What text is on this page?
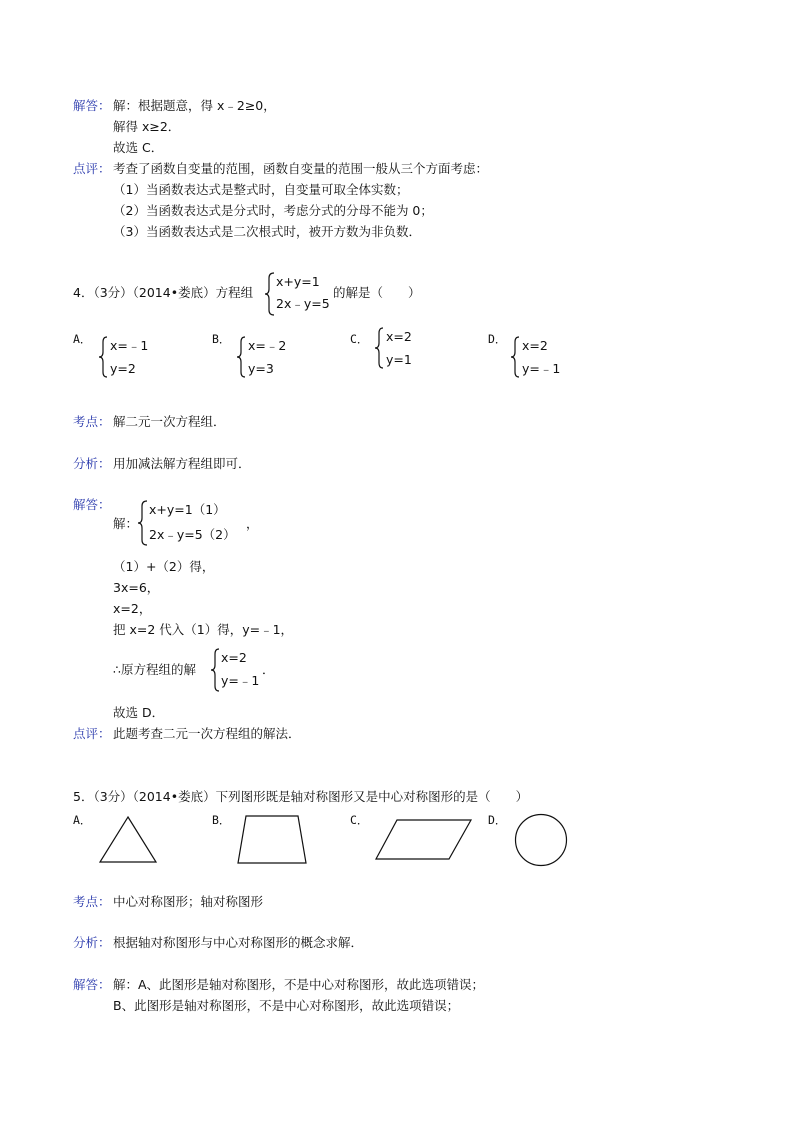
解答： 解：根据题意，得 x﹣2≥0，
解得 x≥2．
故选 C．
点评： 考查了函数自变量的范围，函数自变量的范围一般从三个方面考虑：
（1）当函数表达式是整式时，自变量可取全体实数；
（2）当函数表达式是分式时，考虑分式的分母不能为 0；
（3）当函数表达式是二次根式时，被开方数为非负数．
4．（3分）（2014•娄底）方程组
x+y=1
2x﹣y=5
的解是（　　）
A． x=﹣1
y=2
B． x=﹣2
y=3
C． x=2
y=1
D． x=2
y=﹣1
考点： 解二元一次方程组．
分析： 用加减法解方程组即可．
解答：
解：
x+y=1（1）
2x﹣y=5（2）
，
（1）+（2）得，
3x=6，
x=2，
把 x=2 代入（1）得，y=﹣1，
∴原方程组的解
x=2
y=﹣1
．
故选 D．
点评： 此题考查二元一次方程组的解法．
5．（3分）（2014•娄底）下列图形既是轴对称图形又是中心对称图形的是（　　）
A．	B．	C．	D．
考点： 中心对称图形；轴对称图形
分析： 根据轴对称图形与中心对称图形的概念求解．
解答： 解：A、此图形是轴对称图形，不是中心对称图形，故此选项错误；
B、此图形是轴对称图形，不是中心对称图形，故此选项错误；
